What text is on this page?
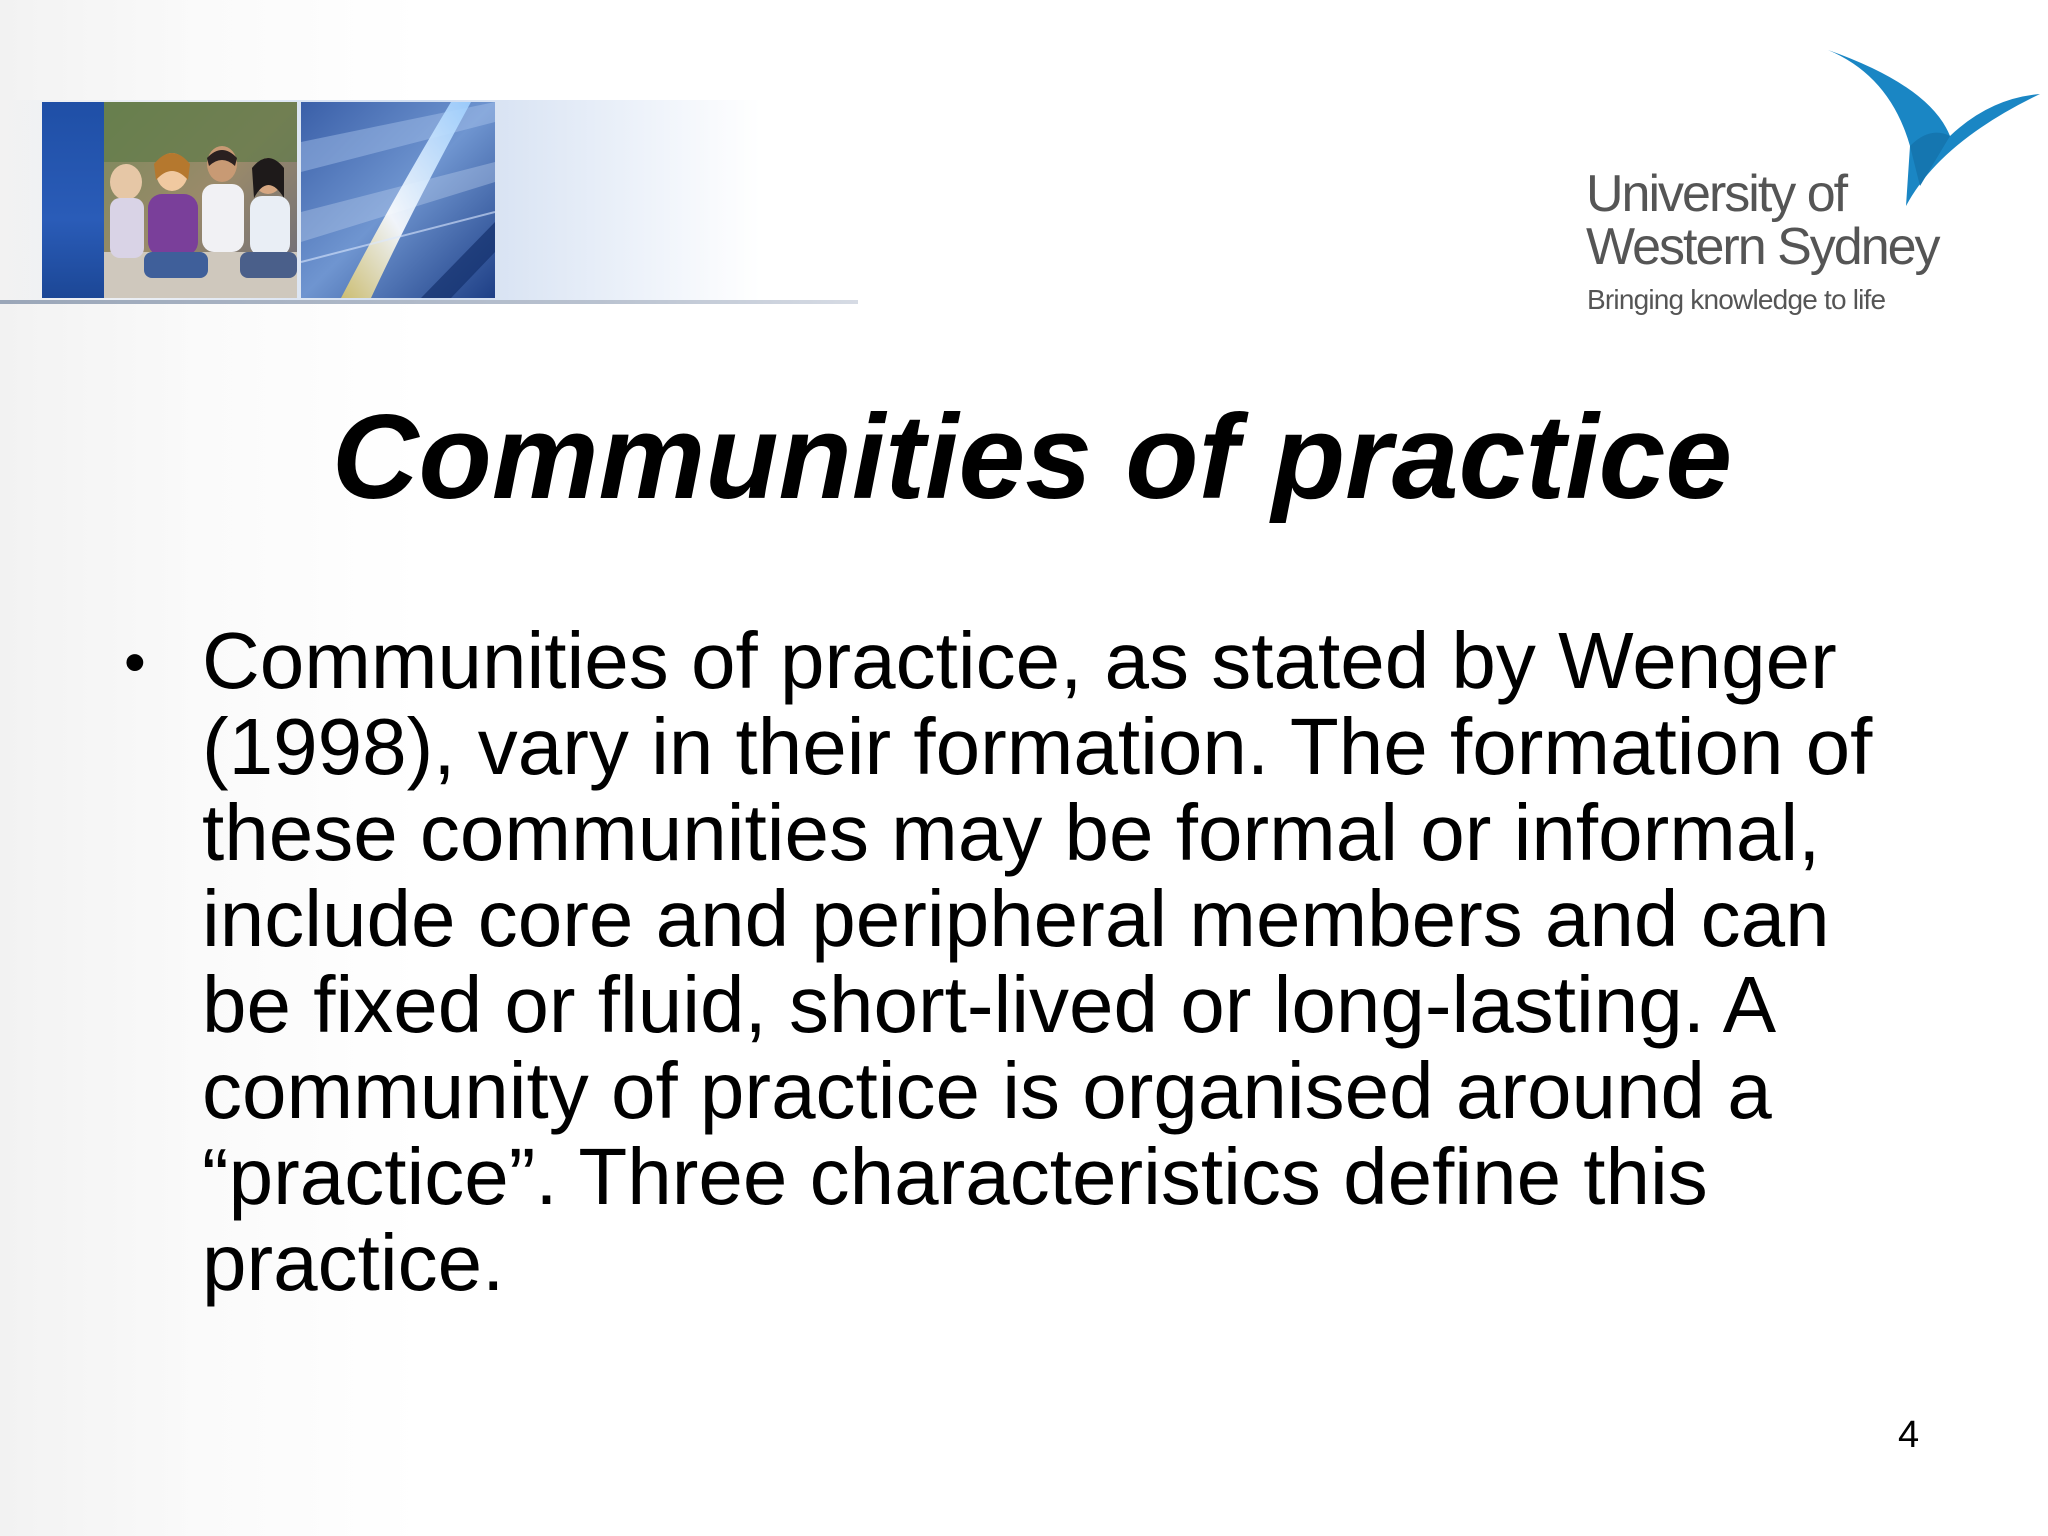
University of
Western Sydney
Bringing knowledge to life
Communities of practice
• Communities of practice, as stated by Wenger
(1998), vary in their formation. The formation of
these communities may be formal or informal,
include core and peripheral members and can
be fixed or fluid, short-lived or long-lasting. A
community of practice is organised around a
“practice”. Three characteristics define this
practice.

4
